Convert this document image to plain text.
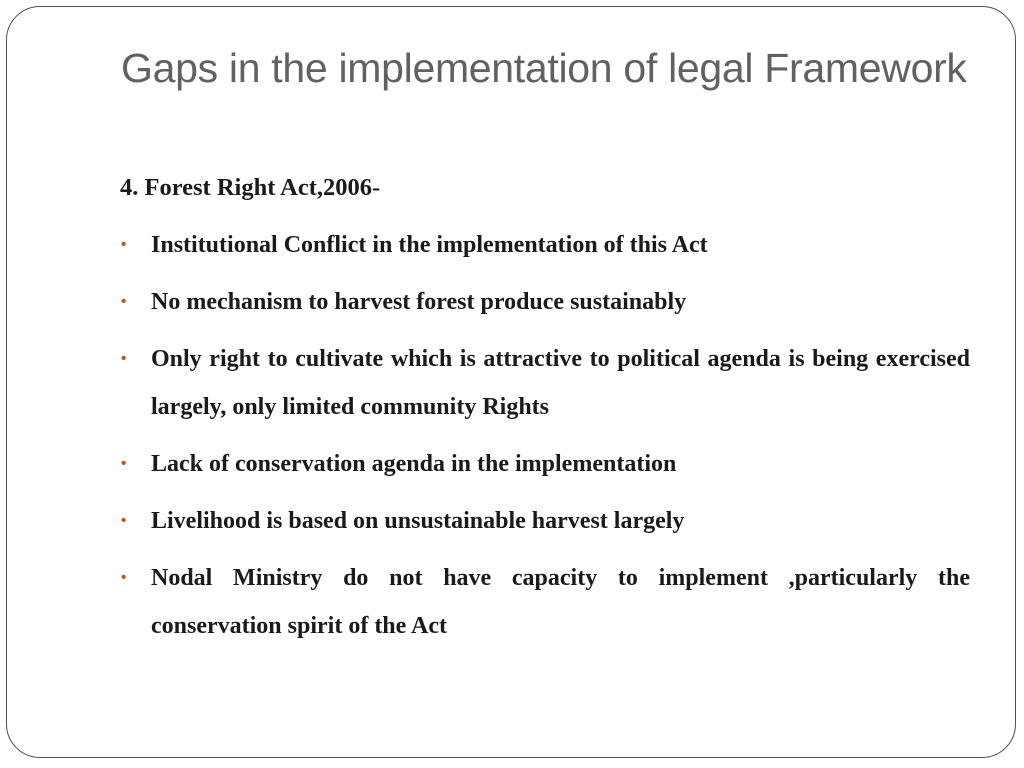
Gaps in the implementation of legal Framework
4. Forest Right Act,2006-
• Institutional Conflict in the implementation of this Act
• No mechanism to harvest forest produce sustainably
• Only right to cultivate which is attractive to political agenda is being exercised largely, only limited community Rights
• Lack of conservation agenda in the implementation
• Livelihood is based on unsustainable harvest largely
• Nodal Ministry do not have capacity to implement ,particularly the conservation spirit of the Act
